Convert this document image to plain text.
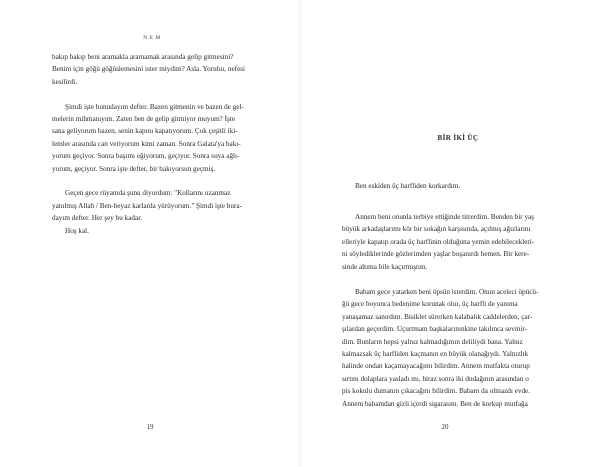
N E M

bakıp bakıp beni aramakla aramamak arasında gelip gitmesini?
Benim için göğü göğüslemesini ister miydim? Asla. Yoruluı, nefesi
kesilirdi.

Şimdi işte bunudayım defter. Bazen gitmenin ve bazen de gel-
melerin mihmanıyım. Zaten ben de gelip gitmiyor muyum? İşte
sana geliyorum bazen, senin kapını kapatıyorum. Çok çeşitli iki-
lemler arasında can veriyorum kimi zaman. Sonra Galata'ya bakı-
yorum geçiyor. Sonra başımı eğiyorum, geçiyor. Sonra suya ağlı-
yorum, geçiyor. Sonra işte defter, bir bakıyorsun geçmiş.

Geçen gece rüyamda şunu diyordum: "Kollarını uzanmaz
yanılmış Allah / Ben-beyaz karlarda yürüyorum." Şimdi işte bura-
dayım defter. Her şey bu kadar.

Hoş kal.

19
BİR İKİ ÜÇ

Ben eskiden üç harfliden korkardım.

Annem beni onunla terbiye ettiğinde titrerdim. Benden bir yaş
büyük arkadaşlarımı kör bir sokağın karşısında, açılmış ağızlarını
elleriyle kapatıp orada üç harflinin olduğuna yemin edebilecekleri-
ni söylediklerinde gözlerimden yaşlar boşanırdı hemen. Bir kere-
sinde altıma bile kaçırmıştım.

Babam gece yatarken beni öpsün isterdim. Onun aceleci öpücü-
ğü gece boyunca bedenime korunak olur, üç harfli de yanıma
yanaşamaz sanırdım. Bisiklet sürerken kalabalık caddelerden, çar-
şılardan geçerdim. Uçurtmam başkalarınınkine takılınca sevinir-
dim. Bunların hepsi yalnız kalmadığımın deliliydi bana. Yalnız
kalmazsak üç harfliden kaçmanın en büyük olanağıydı. Yalnızlık
halinde ondan kaçamayacağımı bilirdim. Annem mutfakta oturup
sırtını dolaplara yasladı mı, biraz sonra iki dudağının arasından o
pis kokulu dumanın çıkacağını bilirdim. Babam da olmazdı evde.
Annem babamdan gizli içerdi sigarasını. Ben de korkup mutfağa

20
